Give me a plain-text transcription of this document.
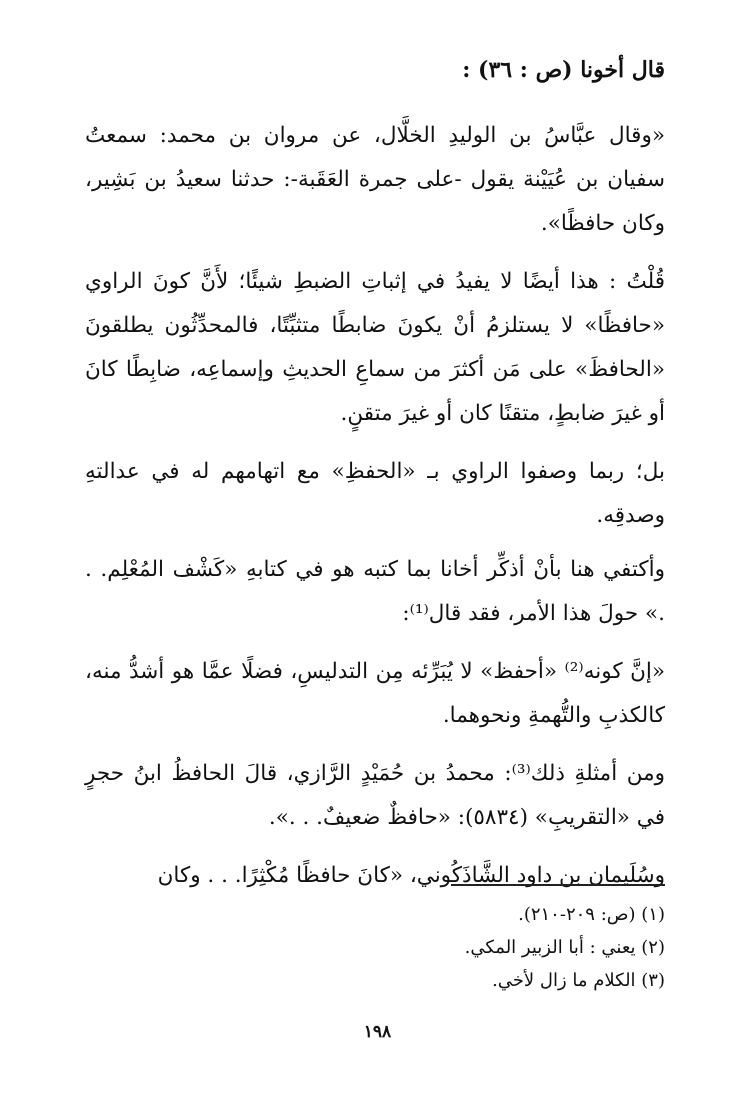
قال أخونا (ص : ٣٦) :

«وقال عبَّاسُ بن الوليدِ الخلَّال، عن مروان بن محمد: سمعتُ سفيان بن عُيَيْنة يقول -على جمرة العَقَبة-: حدثنا سعيدُ بن بَشِير، وكان حافظًا».

قُلْتُ : هذا أيضًا لا يفيدُ في إثباتِ الضبطِ شيئًا؛ لأَنَّ كونَ الراوي «حافظًا» لا يستلزمُ أنْ يكونَ ضابطًا متثبِّتًا، فالمحدِّثُون يطلقونَ «الحافظَ» على مَن أكثرَ من سماعِ الحديثِ وإسماعِه، ضابِطًا كانَ أو غيرَ ضابطٍ، متقنًا كان أو غيرَ متقنٍ.

بل؛ ربما وصفوا الراوي بـ «الحفظِ» مع اتهامهم له في عدالتهِ وصدقِه.

وأكتفي هنا بأنْ أذكِّر أخانا بما كتبه هو في كتابهِ «كَشْف المُعْلِم. . .» حولَ هذا الأمر، فقد قال⁽¹⁾:

«إنَّ كونه⁽²⁾ «أحفظ» لا يُبَرِّئه مِن التدليسِ، فضلًا عمَّا هو أشدُّ منه، كالكذبِ والتُّهمةِ ونحوهما.

ومن أمثلةِ ذلك⁽³⁾: محمدُ بن حُمَيْدٍ الرَّازي، قالَ الحافظُ ابنُ حجرٍ في «التقريبِ» (٥٨٣٤): «حافظٌ ضعيفٌ. . .».

وسُلَيمان بن داود الشَّاذَكُوني، «كانَ حافظًا مُكْثِرًا. . . وكان

(١) (ص: ٢٠٩-٢١٠).

(٢) يعني : أبا الزبير المكي.

(٣) الكلام ما زال لأخي.

١٩٨
